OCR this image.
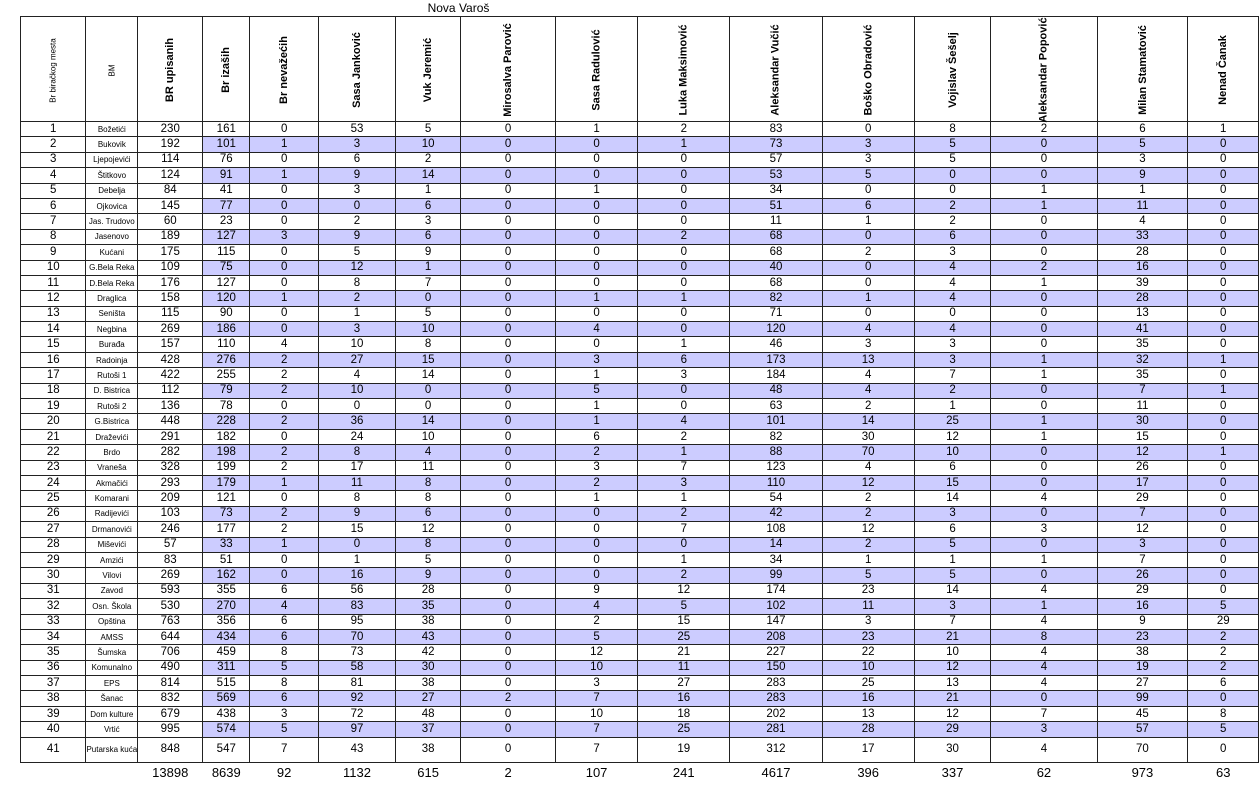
Nova Varoš
Br biračkog mesta	BM	BR upisanih	Br izaših	Br nevažećih	Sasa Janković	Vuk Jeremić	Mirosalva Parović	Sasa Radulović	Luka Maksimović	Aleksandar Vučić	Boško Obradović	Vojislav Šešelj	Aleksandar Popović	Milan Stamatović	Nenad Čanak
1	Božetići	230	161	0	53	5	0	1	2	83	0	8	2	6	1
2	Bukovik	192	101	1	3	10	0	0	1	73	3	5	0	5	0
3	Ljepojevići	114	76	0	6	2	0	0	0	57	3	5	0	3	0
4	Štitkovo	124	91	1	9	14	0	0	0	53	5	0	0	9	0
5	Debelja	84	41	0	3	1	0	1	0	34	0	0	1	1	0
6	Ojkovica	145	77	0	0	6	0	0	0	51	6	2	1	11	0
7	Jas. Trudovo	60	23	0	2	3	0	0	0	11	1	2	0	4	0
8	Jasenovo	189	127	3	9	6	0	0	2	68	0	6	0	33	0
9	Kućani	175	115	0	5	9	0	0	0	68	2	3	0	28	0
10	G.Bela Reka	109	75	0	12	1	0	0	0	40	0	4	2	16	0
11	D.Bela Reka	176	127	0	8	7	0	0	0	68	0	4	1	39	0
12	Draglica	158	120	1	2	0	0	1	1	82	1	4	0	28	0
13	Seništa	115	90	0	1	5	0	0	0	71	0	0	0	13	0
14	Negbina	269	186	0	3	10	0	4	0	120	4	4	0	41	0
15	Burađa	157	110	4	10	8	0	0	1	46	3	3	0	35	0
16	Radoinja	428	276	2	27	15	0	3	6	173	13	3	1	32	1
17	Rutoši 1	422	255	2	4	14	0	1	3	184	4	7	1	35	0
18	D. Bistrica	112	79	2	10	0	0	5	0	48	4	2	0	7	1
19	Rutoši 2	136	78	0	0	0	0	1	0	63	2	1	0	11	0
20	G.Bistrica	448	228	2	36	14	0	1	4	101	14	25	1	30	0
21	Draževići	291	182	0	24	10	0	6	2	82	30	12	1	15	0
22	Brdo	282	198	2	8	4	0	2	1	88	70	10	0	12	1
23	Vraneša	328	199	2	17	11	0	3	7	123	4	6	0	26	0
24	Akmačići	293	179	1	11	8	0	2	3	110	12	15	0	17	0
25	Komarani	209	121	0	8	8	0	1	1	54	2	14	4	29	0
26	Radijevići	103	73	2	9	6	0	0	2	42	2	3	0	7	0
27	Drmanovići	246	177	2	15	12	0	0	7	108	12	6	3	12	0
28	Miševići	57	33	1	0	8	0	0	0	14	2	5	0	3	0
29	Amzići	83	51	0	1	5	0	0	1	34	1	1	1	7	0
30	Vilovi	269	162	0	16	9	0	0	2	99	5	5	0	26	0
31	Zavod	593	355	6	56	28	0	9	12	174	23	14	4	29	0
32	Osn. Škola	530	270	4	83	35	0	4	5	102	11	3	1	16	5
33	Opština	763	356	6	95	38	0	2	15	147	3	7	4	9	29
34	AMSS	644	434	6	70	43	0	5	25	208	23	21	8	23	2
35	Šumska	706	459	8	73	42	0	12	21	227	22	10	4	38	2
36	Komunalno	490	311	5	58	30	0	10	11	150	10	12	4	19	2
37	EPS	814	515	8	81	38	0	3	27	283	25	13	4	27	6
38	Šanac	832	569	6	92	27	2	7	16	283	16	21	0	99	0
39	Dom kulture	679	438	3	72	48	0	10	18	202	13	12	7	45	8
40	Vrtić	995	574	5	97	37	0	7	25	281	28	29	3	57	5
41	Putarska kuća	848	547	7	43	38	0	7	19	312	17	30	4	70	0
		13898	8639	92	1132	615	2	107	241	4617	396	337	62	973	63
